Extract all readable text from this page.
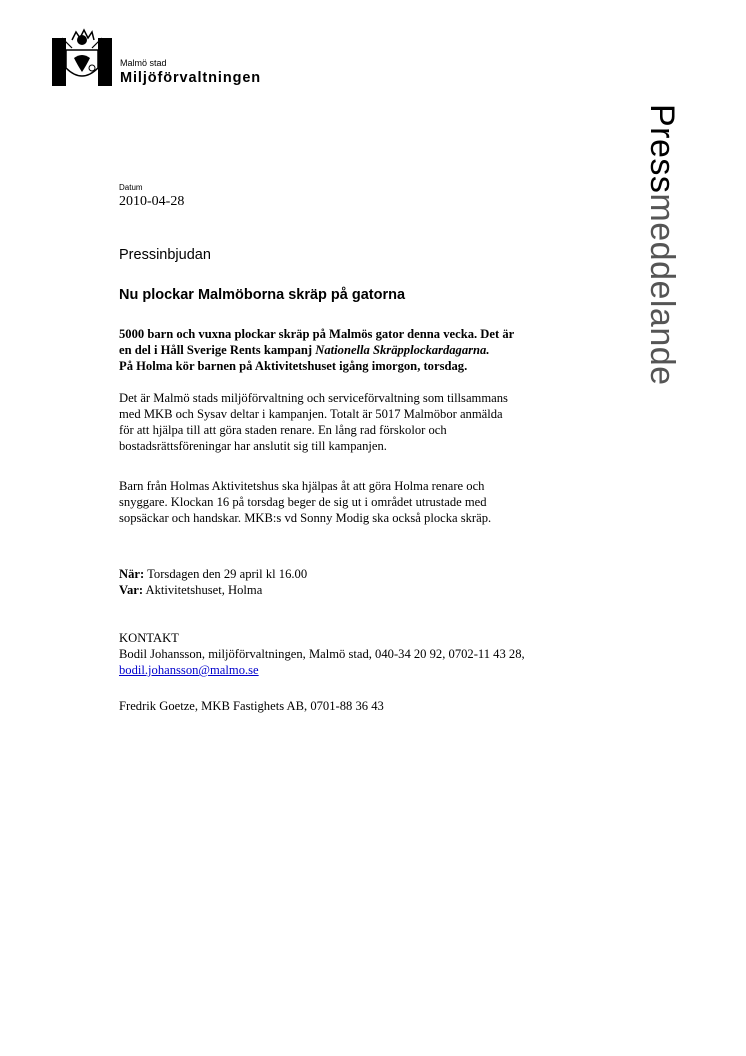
Malmö stad
Miljöförvaltningen
Pressmeddelande
Datum
2010-04-28
Pressinbjudan
Nu plockar Malmöborna skräp på gatorna
5000 barn och vuxna plockar skräp på Malmös gator denna vecka. Det är
en del i Håll Sverige Rents kampanj Nationella Skräpplockardagarna.
På Holma kör barnen på Aktivitetshuset igång imorgon, torsdag.
Det är Malmö stads miljöförvaltning och serviceförvaltning som tillsammans
med MKB och Sysav deltar i kampanjen. Totalt är 5017 Malmöbor anmälda
för att hjälpa till att göra staden renare. En lång rad förskolor och
bostadsrättsföreningar har anslutit sig till kampanjen.
Barn från Holmas Aktivitetshus ska hjälpas åt att göra Holma renare och
snyggare. Klockan 16 på torsdag beger de sig ut i området utrustade med
sopsäckar och handskar. MKB:s vd Sonny Modig ska också plocka skräp.
När: Torsdagen den 29 april kl 16.00
Var: Aktivitetshuset, Holma
KONTAKT
Bodil Johansson, miljöförvaltningen, Malmö stad, 040-34 20 92, 0702-11 43 28,
bodil.johansson@malmo.se
Fredrik Goetze, MKB Fastighets AB, 0701-88 36 43
